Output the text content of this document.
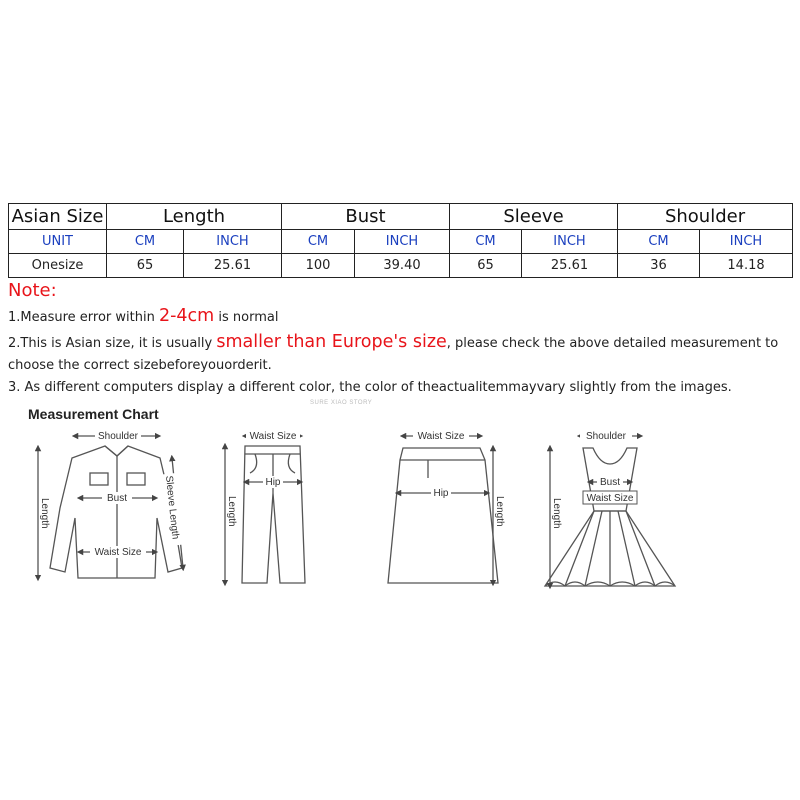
Asian Size	Length		Bust		Sleeve		Shoulder	
UNIT	CM	INCH	CM	INCH	CM	INCH	CM	INCH
Onesize	65	25.61	100	39.40	65	25.61	36	14.18
Note:
1.Measure error within 2-4cm is normal
2.This is Asian size, it is usually smaller than Europe's size, please check the above detailed measurement to choose the correct sizebeforeyouorderit.
3. As different computers display a different color, the color of theactualitemmayvary slightly from the images.
Measurement Chart
SURE XIAO STORY
Shoulder
Bust
Waist Size
Sleeve Length
Length
Waist Size
Hip
Length
Waist Size
Hip
Length
Shoulder
Bust
Waist Size
Length
